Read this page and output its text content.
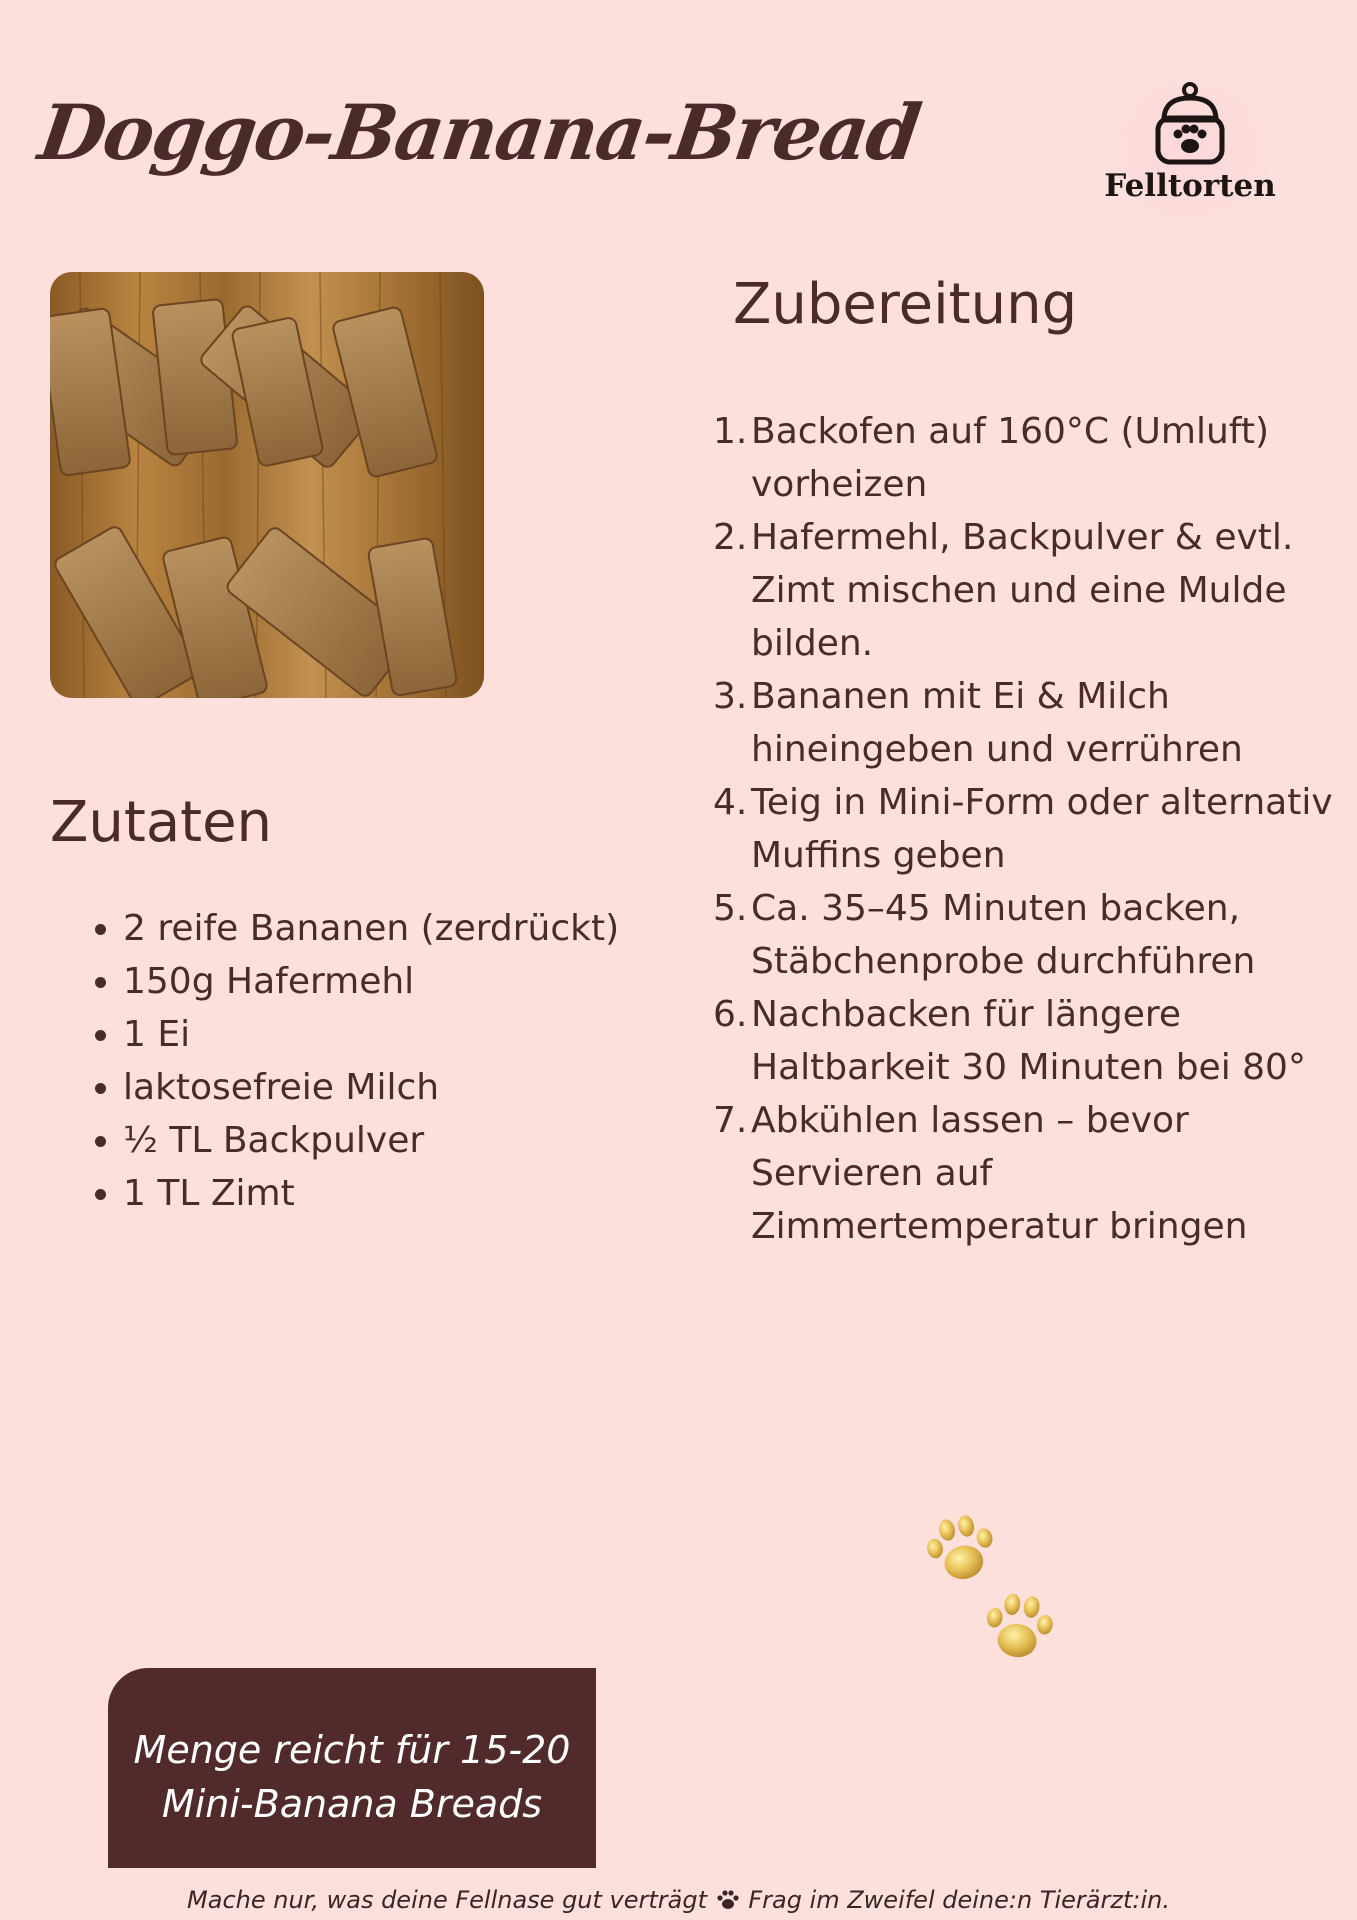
Doggo-Banana-Bread
Felltorten
Zutaten
• 2 reife Bananen (zerdrückt)
• 150g Hafermehl
• 1 Ei
• laktosefreie Milch
• ½ TL Backpulver
• 1 TL Zimt
Zubereitung
1. Backofen auf 160°C (Umluft) vorheizen
2. Hafermehl, Backpulver & evtl. Zimt mischen und eine Mulde bilden.
3. Bananen mit Ei & Milch hineingeben und verrühren
4. Teig in Mini-Form oder alternativ Muffins geben
5. Ca. 35–45 Minuten backen, Stäbchenprobe durchführen
6. Nachbacken für längere Haltbarkeit 30 Minuten bei 80°
7. Abkühlen lassen – bevor Servieren auf Zimmertemperatur bringen
Menge reicht für 15-20 Mini-Banana Breads
Mache nur, was deine Fellnase gut verträgt Frag im Zweifel deine:n Tierärzt:in.
